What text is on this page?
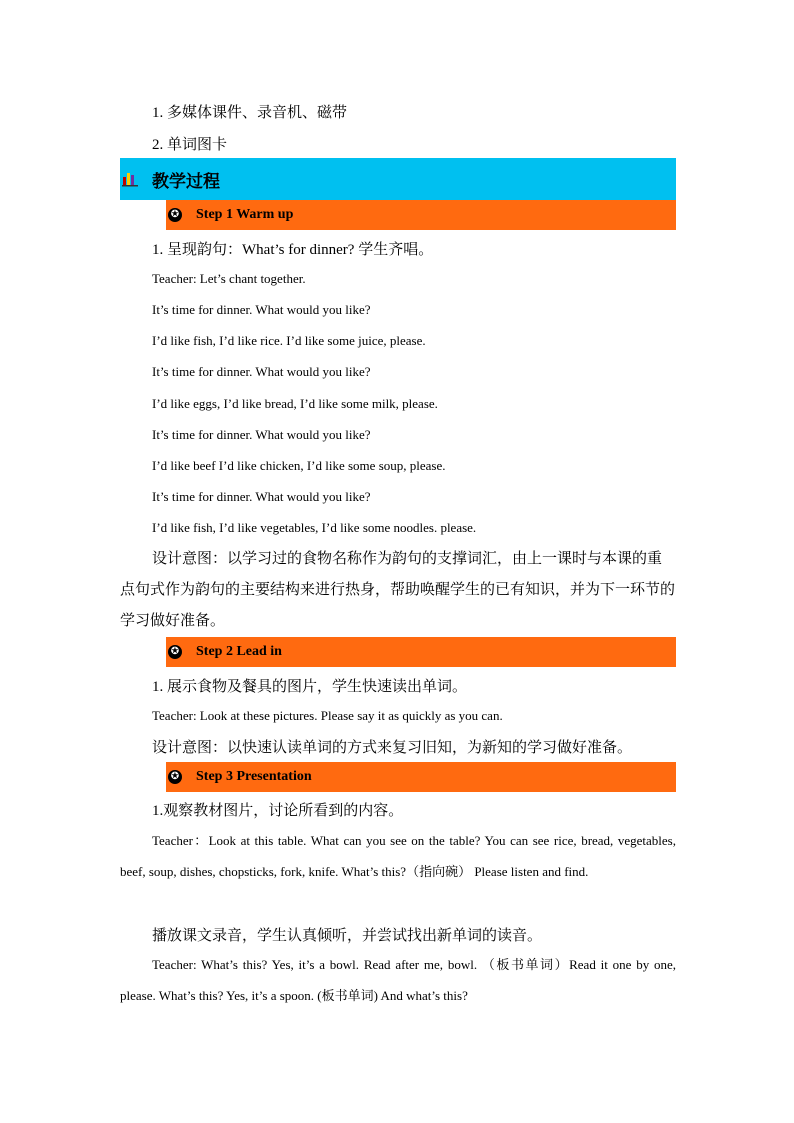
1. 多媒体课件、录音机、磁带
2. 单词图卡
教学过程
✪ Step 1 Warm up
1. 呈现韵句：What’s for dinner? 学生齐唱。
Teacher: Let’s chant together.
It’s time for dinner. What would you like?
I’d like fish, I’d like rice. I’d like some juice, please.
It’s time for dinner. What would you like?
I’d like eggs, I’d like bread, I’d like some milk, please.
It’s time for dinner. What would you like?
I’d like beef I’d like chicken, I’d like some soup, please.
It’s time for dinner. What would you like?
I’d like fish, I’d like vegetables, I’d like some noodles. please.
设计意图：以学习过的食物名称作为韵句的支撑词汇，由上一课时与本课的重点句式作为韵句的主要结构来进行热身，帮助唤醒学生的已有知识，并为下一环节的学习做好准备。
✪ Step 2 Lead in
1. 展示食物及餐具的图片，学生快速读出单词。
Teacher: Look at these pictures. Please say it as quickly as you can.
设计意图：以快速认读单词的方式来复习旧知，为新知的学习做好准备。
✪ Step 3 Presentation
1.观察教材图片，讨论所看到的内容。
Teacher：Look at this table. What can you see on the table? You can see rice, bread, vegetables, beef, soup, dishes, chopsticks, fork, knife. What’s this?（指向碗） Please listen and find.
播放课文录音，学生认真倾听，并尝试找出新单词的读音。
Teacher: What’s this? Yes, it’s a bowl. Read after me, bowl. （板书单词）Read it one by one, please. What’s this? Yes, it’s a spoon. (板书单词) And what’s this?
